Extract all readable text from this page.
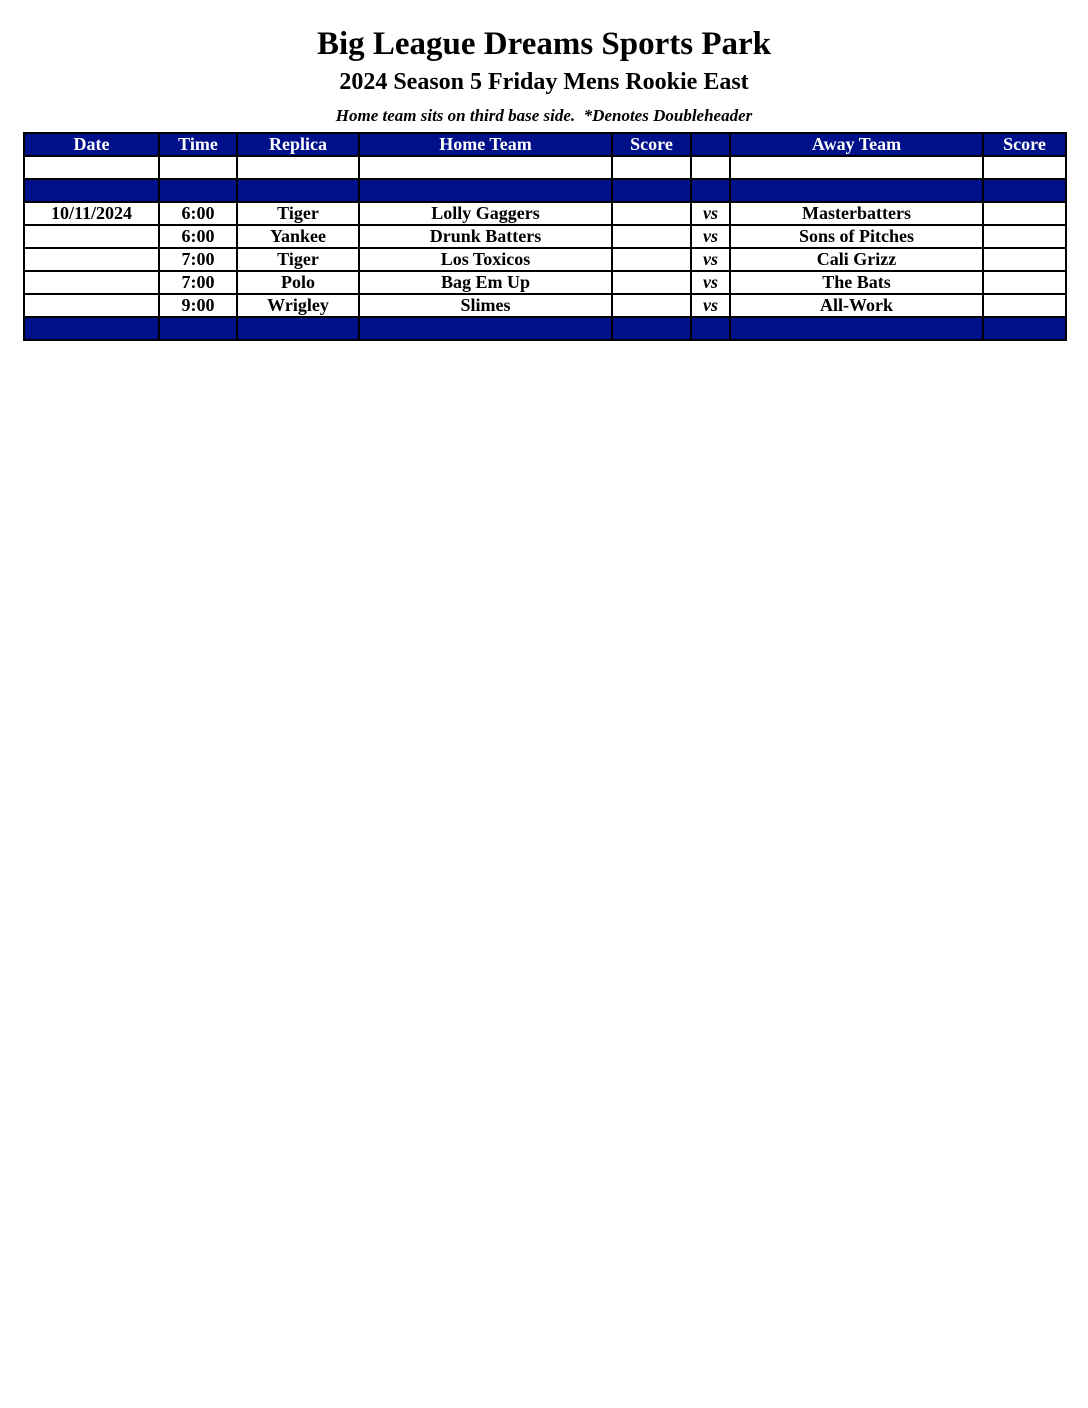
Big League Dreams Sports Park
2024 Season 5 Friday Mens Rookie East
Home team sits on third base side.  *Denotes Doubleheader
Date	Time	Replica	Home Team	Score		Away Team	Score

10/11/2024	6:00	Tiger	Lolly Gaggers		vs	Masterbatters	
	6:00	Yankee	Drunk Batters		vs	Sons of Pitches	
	7:00	Tiger	Los Toxicos		vs	Cali Grizz	
	7:00	Polo	Bag Em Up		vs	The Bats	
	9:00	Wrigley	Slimes		vs	All-Work	
